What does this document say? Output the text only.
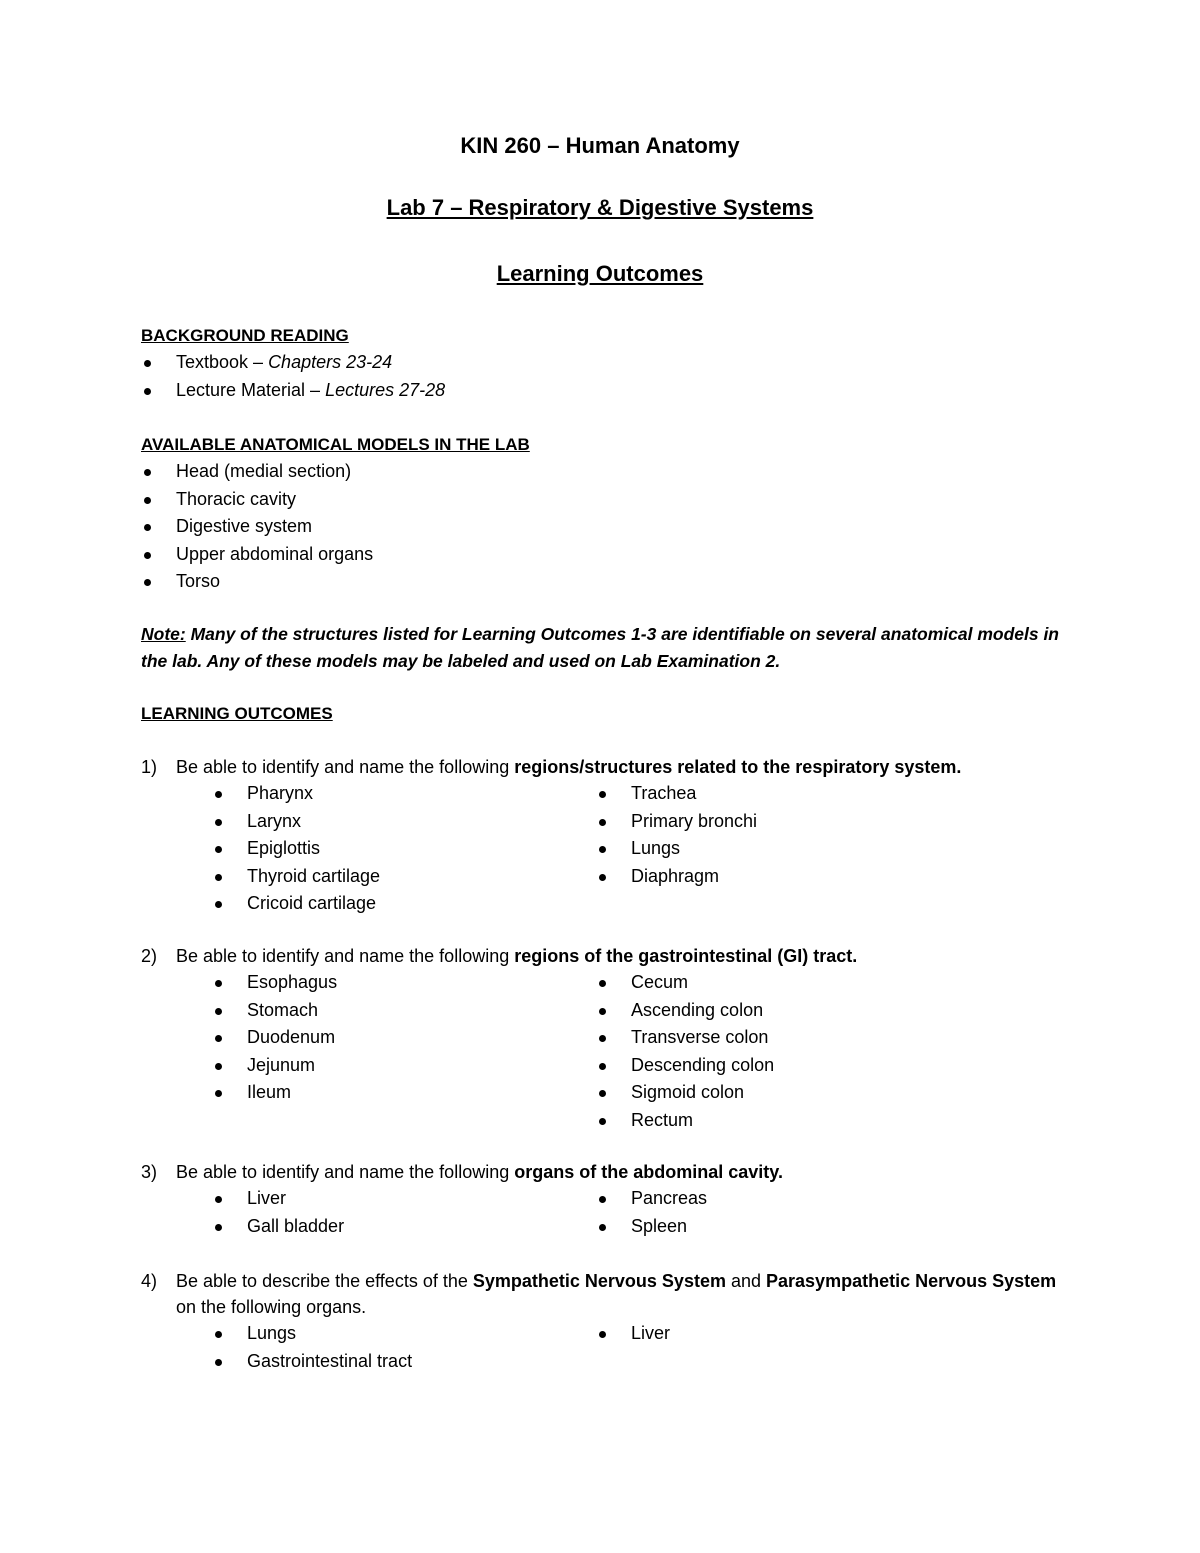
KIN 260 – Human Anatomy
Lab 7 – Respiratory & Digestive Systems
Learning Outcomes
BACKGROUND READING
Textbook – Chapters 23-24
Lecture Material – Lectures 27-28
AVAILABLE ANATOMICAL MODELS IN THE LAB
Head (medial section)
Thoracic cavity
Digestive system
Upper abdominal organs
Torso
Note: Many of the structures listed for Learning Outcomes 1-3 are identifiable on several anatomical models in the lab. Any of these models may be labeled and used on Lab Examination 2.
LEARNING OUTCOMES
1)	Be able to identify and name the following regions/structures related to the respiratory system.
Pharynx
Larynx
Epiglottis
Thyroid cartilage
Cricoid cartilage
Trachea
Primary bronchi
Lungs
Diaphragm
2)	Be able to identify and name the following regions of the gastrointestinal (GI) tract.
Esophagus
Stomach
Duodenum
Jejunum
Ileum
Cecum
Ascending colon
Transverse colon
Descending colon
Sigmoid colon
Rectum
3)	Be able to identify and name the following organs of the abdominal cavity.
Liver
Gall bladder
Pancreas
Spleen
4)	Be able to describe the effects of the Sympathetic Nervous System and Parasympathetic Nervous System on the following organs.
Lungs
Gastrointestinal tract
Liver
